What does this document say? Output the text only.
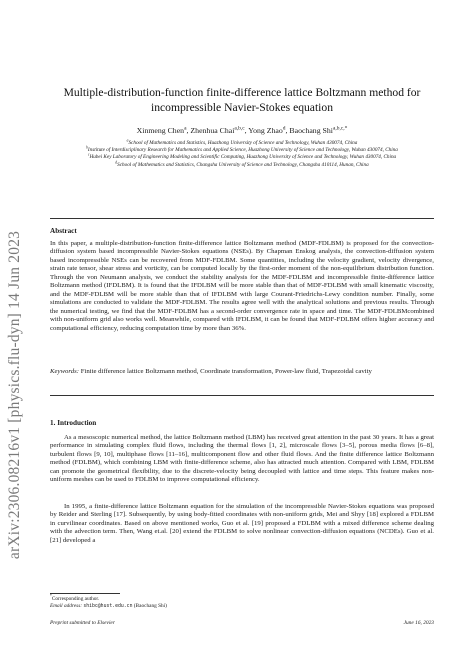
arXiv:2306.08216v1 [physics.flu-dyn] 14 Jun 2023
Multiple-distribution-function finite-difference lattice Boltzmann method for incompressible Navier-Stokes equation
Xinmeng Chen$^a$, Zhenhua Chai$^{a,b,c}$, Yong Zhao$^d$, Baochang Shi$^{a,b,c,*}$

$^a$School of Mathematics and Statistics, Huazhong University of Science and Technology, Wuhan 430074, China

$^b$Institute of Interdisciplinary Research for Mathematics and Applied Science, Huazhong University of Science and Technology, Wuhan 430074, China

$^c$Hubei Key Laboratory of Engineering Modeling and Scientific Computing, Huazhong University of Science and Technology, Wuhan 430074, China

$^d$School of Mathematics and Statistics, Changsha University of Science and Technology, Changsha 410114, Hunan, China

Abstract

In this paper, a multiple-distribution-function finite-difference lattice Boltzmann method (MDF-FDLBM) is proposed for the convection-diffusion system based incompressible Navier-Stokes equations (NSEs). By Chapman Enskog analysis, the convection-diffusion system based incompressible NSEs can be recovered from MDF-FDLBM. Some quantities, including the velocity gradient, velocity divergence, strain rate tensor, shear stress and vorticity, can be computed locally by the first-order moment of the non-equilibrium distribution function. Through the von Neumann analysis, we conduct the stability analysis for the MDF-FDLBM and incompressible finite-difference lattice Boltzmann method (IFDLBM). It is found that the IFDLBM will be more stable than that of MDF-FDLBM with small kinematic viscosity, and the MDF-FDLBM will be more stable than that of IFDLBM with large Courant-Friedrichs-Lewy condition number. Finally, some simulations are conducted to validate the MDF-FDLBM. The results agree well with the analytical solutions and previous results. Through the numerical testing, we find that the MDF-FDLBM has a second-order convergence rate in space and time. The MDF-FDLBMcombined with non-uniform grid also works well. Meanwhile, compared with IFDLBM, it can be found that MDF-FDLBM offers higher accuracy and computational efficiency, reducing computation time by more than 36%.

Keywords: Finite difference lattice Boltzmann method, Coordinate transformation, Power-law fluid, Trapezoidal cavity

1. Introduction

As a mesoscopic numerical method, the lattice Boltzmann method (LBM) has received great attention in the past 30 years. It has a great performance in simulating complex fluid flows, including the thermal flows [1, 2], microscale flows [3–5], porous media flows [6–8], turbulent flows [9, 10], multiphase flows [11–16], multicomponent flow and other fluid flows. And the finite difference lattice Boltzmann method (FDLBM), which combining LBM with finite-difference scheme, also has attracted much attention. Compared with LBM, FDLBM can promote the geometrical flexibility, due to the discrete-velocity being decoupled with lattice and time steps. This feature makes non-uniform meshes can be used to FDLBM to improve computational efficiency.

In 1995, a finite-difference lattice Boltzmann equation for the simulation of the incompressible Navier-Stokes equations was proposed by Reider and Sterling [17]. Subsequently, by using body-fitted coordinates with non-uniform grids, Mei and Shyy [18] explored a FDLBM in curvilinear coordinates. Based on above mentioned works, Guo et al. [19] proposed a FDLBM with a mixed difference scheme dealing with the advection term. Then, Wang et.al. [20] extend the FDLBM to solve nonlinear convection-diffusion equations (NCDEs). Guo et al. [21] developed a

*Corresponding author.

Email address: shibc@hust.edu.cn (Baochang Shi)

Preprint submitted to Elsevier	June 16, 2023
